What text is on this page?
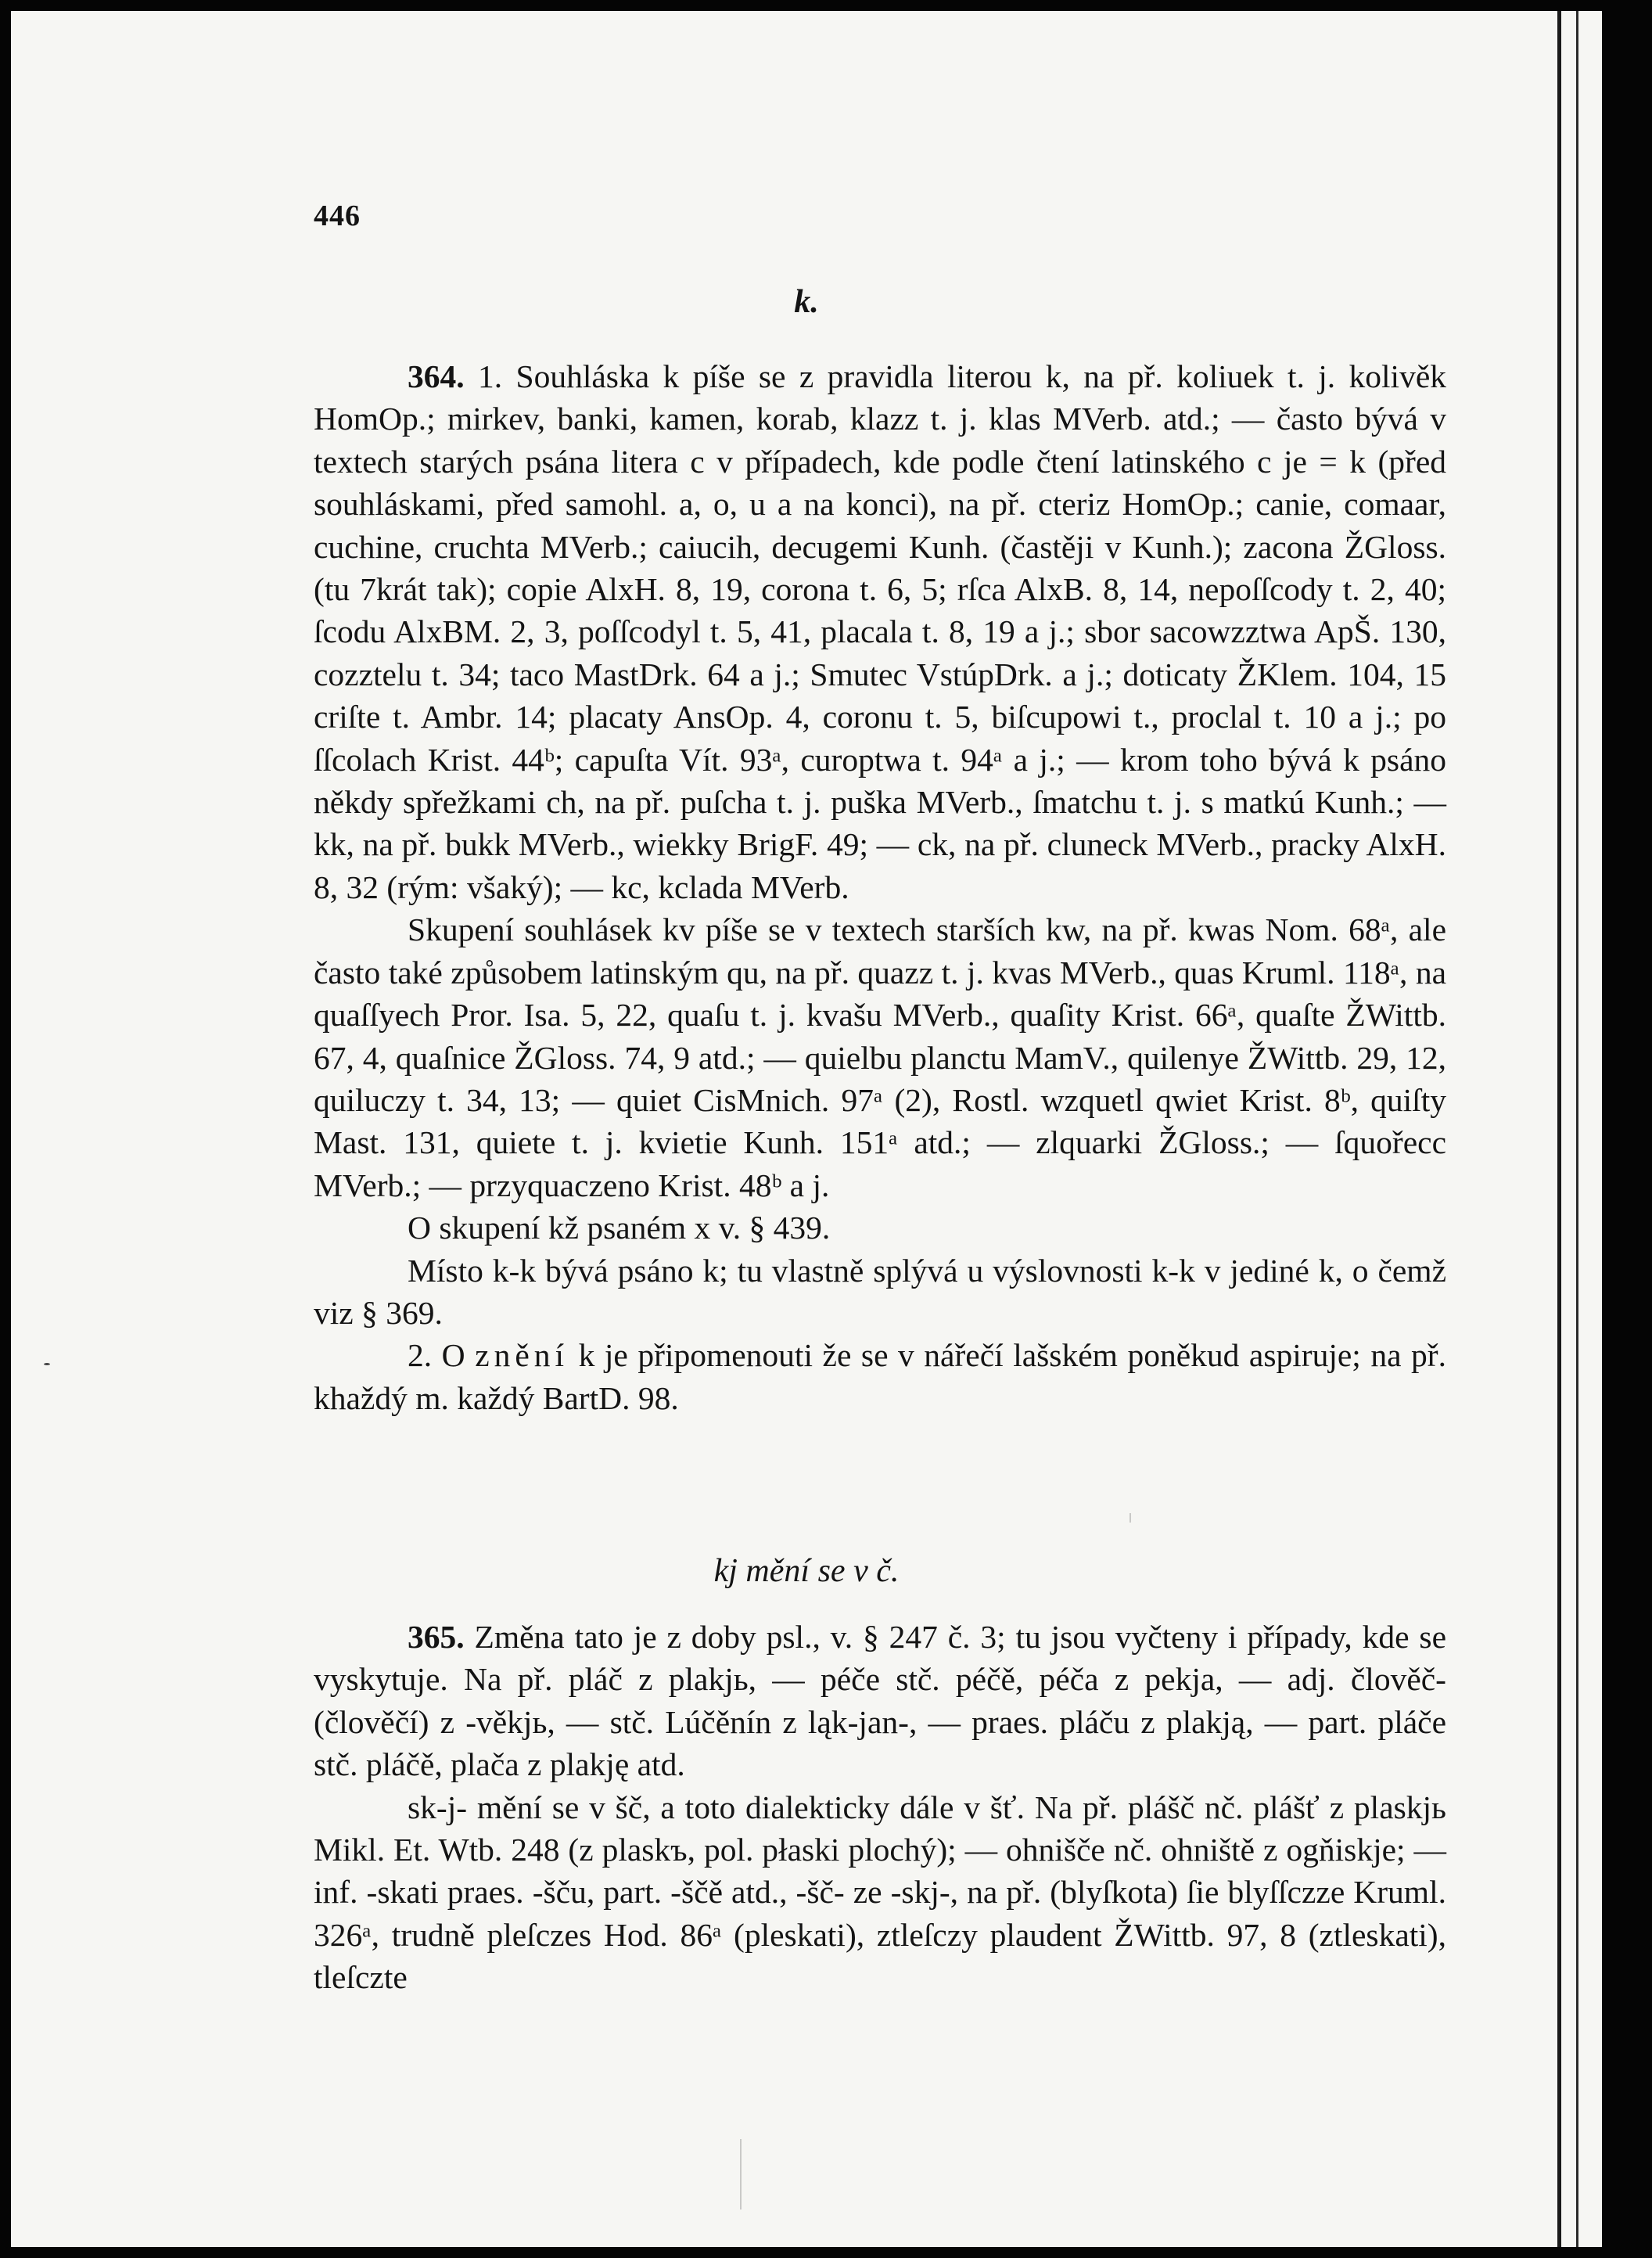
446
k.

364. 1. Souhláska k píše se z pravidla literou k, na př. koliuek t. j. kolivěk HomOp.; mirkev, banki, kamen, korab, klazz t. j. klas MVerb. atd.; — často bývá v textech starých psána litera c v případech, kde podle čtení latinského c je = k (před souhláskami, před samohl. a, o, u a na konci), na př. cteriz HomOp.; canie, comaar, cuchine, cruchta MVerb.; caiucih, decugemi Kunh. (častěji v Kunh.); zacona ŽGloss. (tu 7krát tak); copie AlxH. 8, 19, corona t. 6, 5; rſca AlxB. 8, 14, nepoſſcody t. 2, 40; ſcodu AlxBM. 2, 3, poſſcodyl t. 5, 41, placala t. 8, 19 a j.; sbor sacowzztwa ApŠ. 130, cozztelu t. 34; taco MastDrk. 64 a j.; Smutec VstúpDrk. a j.; doticaty ŽKlem. 104, 15 criſte t. Ambr. 14; placaty AnsOp. 4, coronu t. 5, biſcupowi t., proclal t. 10 a j.; po ſſcolach Krist. 44ᵇ; capuſta Vít. 93ᵃ, curoptwa t. 94ᵃ a j.; — krom toho bývá k psáno někdy spřežkami ch, na př. puſcha t. j. puška MVerb., ſmatchu t. j. s matkú Kunh.; — kk, na př. bukk MVerb., wiekky BrigF. 49; — ck, na př. cluneck MVerb., pracky AlxH. 8, 32 (rým: všaký); — kc, kclada MVerb.

Skupení souhlásek kv píše se v textech starších kw, na př. kwas Nom. 68ᵃ, ale často také způsobem latinským qu, na př. quazz t. j. kvas MVerb., quas Kruml. 118ᵃ, na quaſſyech Pror. Isa. 5, 22, quaſu t. j. kvašu MVerb., quaſity Krist. 66ᵃ, quaſte ŽWittb. 67, 4, quaſnice ŽGloss. 74, 9 atd.; — quielbu planctu MamV., quilenye ŽWittb. 29, 12, quiluczy t. 34, 13; — quiet CisMnich. 97ᵃ (2), Rostl. wzquetl qwiet Krist. 8ᵇ, quiſty Mast. 131, quiete t. j. kvietie Kunh. 151ᵃ atd.; — zlquarki ŽGloss.; — ſquořecc MVerb.; — przyquaczeno Krist. 48ᵇ a j.

O skupení kž psaném x v. § 439.

Místo k-k bývá psáno k; tu vlastně splývá u výslovnosti k-k v jediné k, o čemž viz § 369.

2. O znění k je připomenouti že se v nářečí lašském poněkud aspiruje; na př. khaždý m. každý BartD. 98.

kj mění se v č.

365. Změna tato je z doby psl., v. § 247 č. 3; tu jsou vyčteny i případy, kde se vyskytuje. Na př. pláč z plakjь, — péče stč. péčě, péča z pekja, — adj. člověč- (člověčí) z -věkjь, — stč. Lúčěnín z ląk-jan-, — praes. pláču z plakją, — part. pláče stč. pláčě, plača z plakję atd.

sk-j- mění se v šč, a toto dialekticky dále v šť. Na př. plášč nč. plášť z plaskjь Mikl. Et. Wtb. 248 (z plaskъ, pol. płaski plochý); — ohnišče nč. ohniště z ogňiskje; — inf. -skati praes. -šču, part. -ščě atd., -šč- ze -skj-, na př. (blyſkota) ſie blyſſczze Kruml. 326ᵃ, trudně pleſczes Hod. 86ᵃ (pleskati), ztleſczy plaudent ŽWittb. 97, 8 (ztleskati), tleſczte
